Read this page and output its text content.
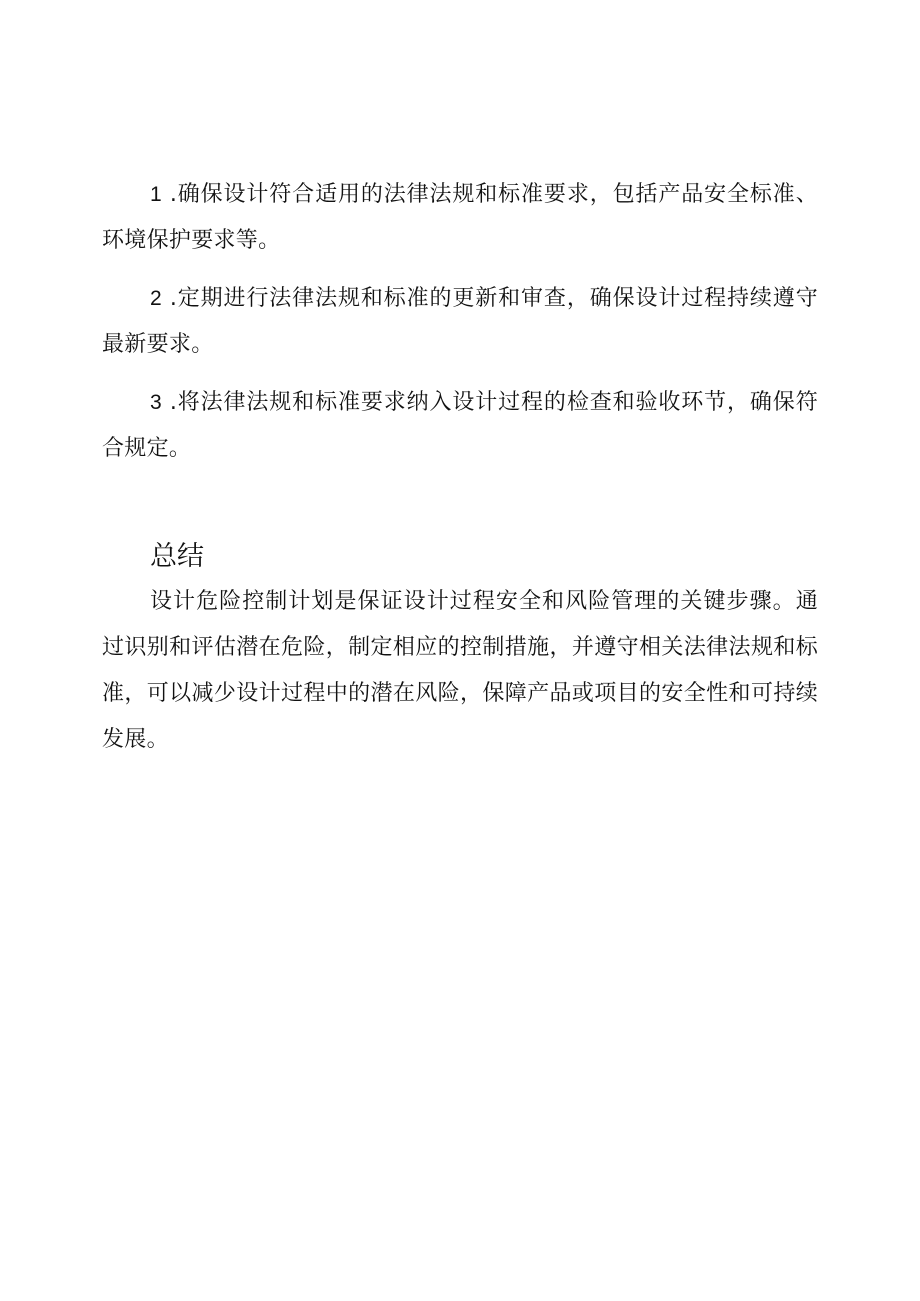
1 .确保设计符合适用的法律法规和标准要求，包括产品安全标准、环境保护要求等。

2 .定期进行法律法规和标准的更新和审查，确保设计过程持续遵守最新要求。

3 .将法律法规和标准要求纳入设计过程的检查和验收环节，确保符合规定。

总结

设计危险控制计划是保证设计过程安全和风险管理的关键步骤。通过识别和评估潜在危险，制定相应的控制措施，并遵守相关法律法规和标准，可以减少设计过程中的潜在风险，保障产品或项目的安全性和可持续发展。
